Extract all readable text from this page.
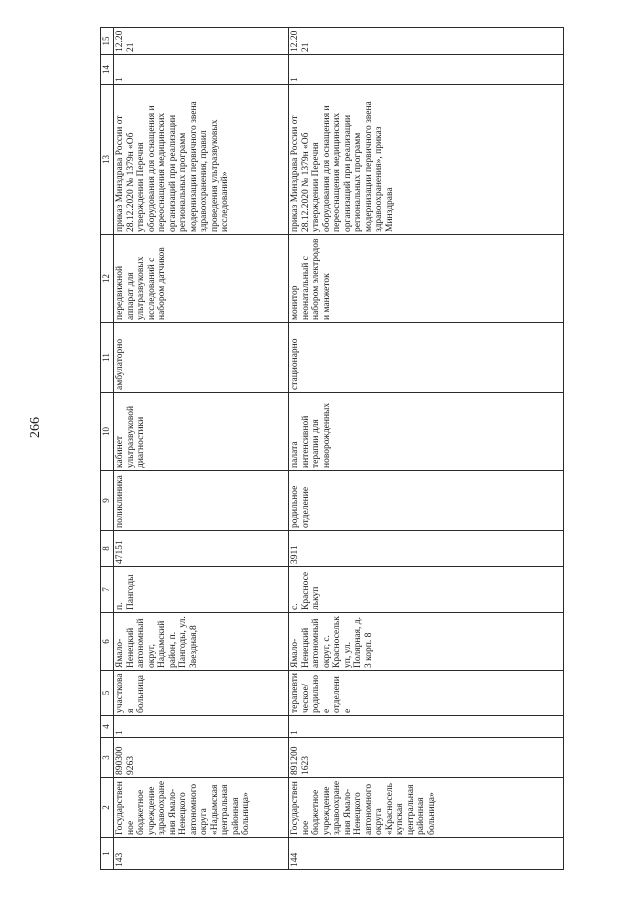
266
1	2	3	4	5	6	7	8	9	10	11	12	13	14	15
143	Государственное бюджетное учреждение здравоохранения Ямало-Ненецкого автономного округа «Надымская центральная районная больница»	890300 9263	1	участковая больница	Ямало-Ненецкий автономный округ, Надымский район, п. Пангоды, ул. Звездная,8	п. Пангоды	47151	поликлиника	кабинет ультразвуковой диагностики	амбулаторно	передвижной аппарат для ультразвуковых исследований с набором датчиков	приказ Минздрава России от 28.12.2020 № 1379н «Об утверждении Перечня оборудования для оснащения и переоснащения медицинских организаций при реализации региональных программ модернизации первичного звена здравоохранения, правил проведения ультразвуковых исследований»	1	12.2021
144	Государственное бюджетное учреждение здравоохранения Ямало-Ненецкого автономного округа «Красноселькупская центральная районная больница»	891200 1623	1	терапевтическое/родильное отделение	Ямало-Ненецкий автономный округ, с. Красноселькуп, ул. Полярная, д. 3 корп. 8	с. Красноселькуп	3911	родильное отделение	палата интенсивной терапии для новорожденных	стационарно	монитор неонатальный с набором электродов и манжеток	приказ Минздрава России от 28.12.2020 № 1379н «Об утверждении Перечня оборудования для оснащения и переоснащения медицинских организаций при реализации региональных программ модернизации первичного звена здравоохранения», приказ Минздрава	1	12.2021
